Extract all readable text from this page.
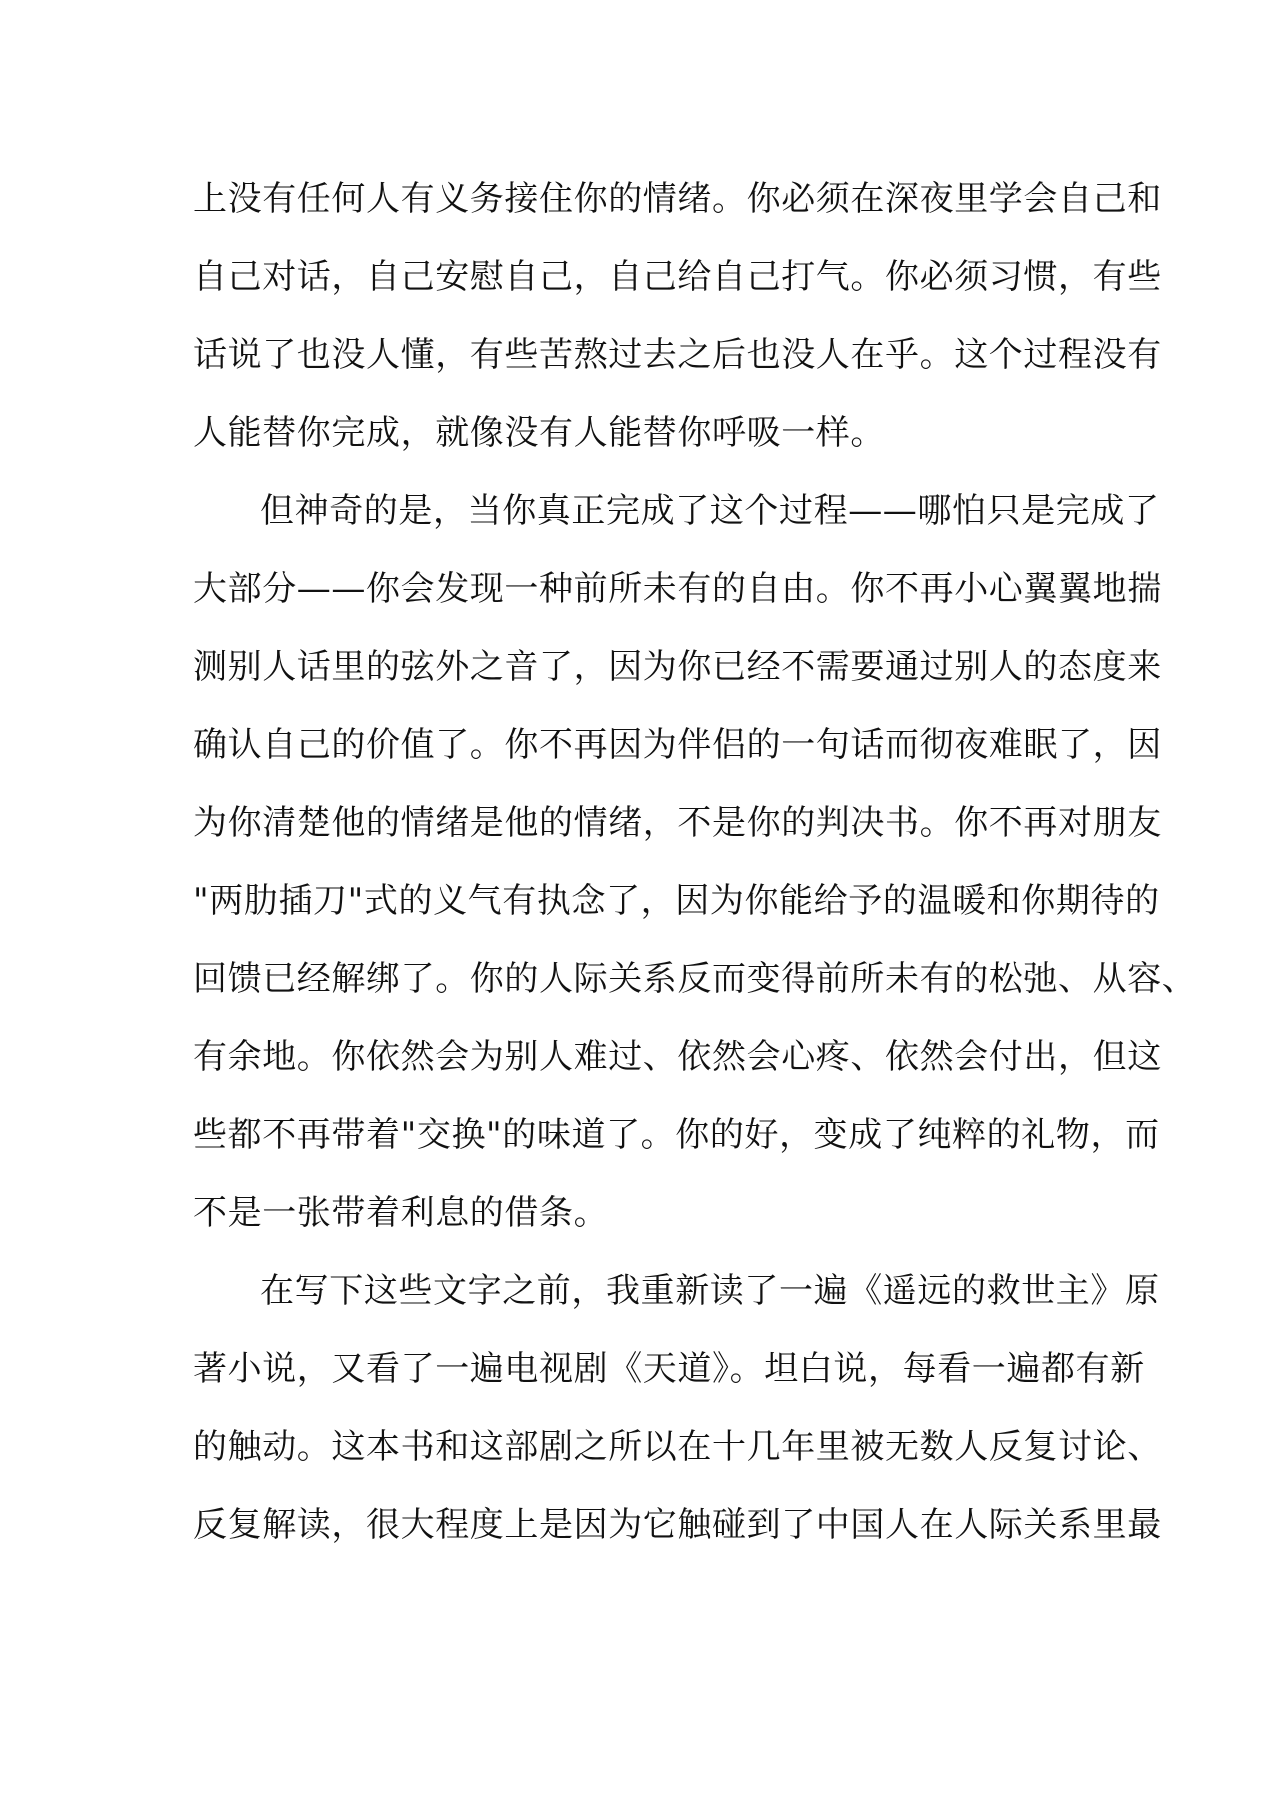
上没有任何人有义务接住你的情绪。你必须在深夜里学会自己和
自己对话，自己安慰自己，自己给自己打气。你必须习惯，有些
话说了也没人懂，有些苦熬过去之后也没人在乎。这个过程没有
人能替你完成，就像没有人能替你呼吸一样。

但神奇的是，当你真正完成了这个过程——哪怕只是完成了
大部分——你会发现一种前所未有的自由。你不再小心翼翼地揣
测别人话里的弦外之音了，因为你已经不需要通过别人的态度来
确认自己的价值了。你不再因为伴侣的一句话而彻夜难眠了，因
为你清楚他的情绪是他的情绪，不是你的判决书。你不再对朋友
"两肋插刀"式的义气有执念了，因为你能给予的温暖和你期待的
回馈已经解绑了。你的人际关系反而变得前所未有的松弛、从容、
有余地。你依然会为别人难过、依然会心疼、依然会付出，但这
些都不再带着"交换"的味道了。你的好，变成了纯粹的礼物，而
不是一张带着利息的借条。

在写下这些文字之前，我重新读了一遍《遥远的救世主》原
著小说，又看了一遍电视剧《天道》。坦白说，每看一遍都有新
的触动。这本书和这部剧之所以在十几年里被无数人反复讨论、
反复解读，很大程度上是因为它触碰到了中国人在人际关系里最
